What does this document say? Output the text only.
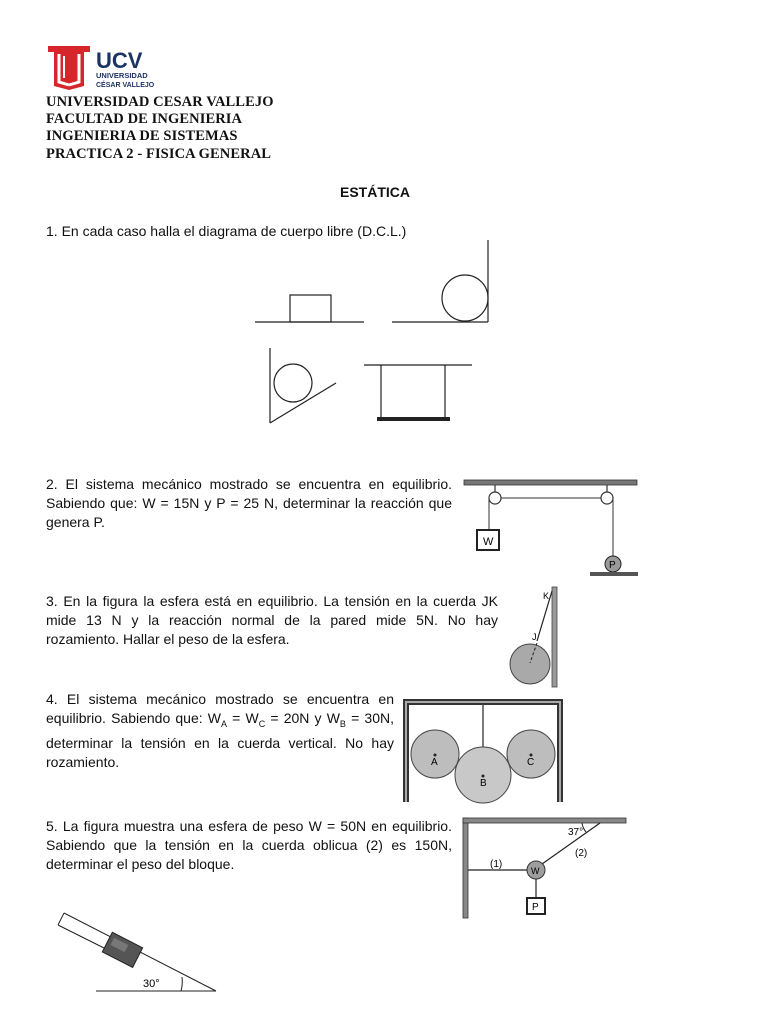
UCV
UNIVERSIDAD
CÉSAR VALLEJO
UNIVERSIDAD CESAR VALLEJO
FACULTAD DE INGENIERIA
INGENIERIA DE SISTEMAS
PRACTICA 2 - FISICA GENERAL
ESTÁTICA
1. En cada caso halla el diagrama de cuerpo libre (D.C.L.)
2. El sistema mecánico mostrado se encuentra en equilibrio. Sabiendo que: W = 15N y P = 25 N, determinar la reacción que genera P.
W
P
3. En la figura la esfera está en equilibrio. La tensión en la cuerda JK mide 13 N y la reacción normal de la pared mide 5N. No hay rozamiento. Hallar el peso de la esfera.
K
J
4. El sistema mecánico mostrado se encuentra en equilibrio. Sabiendo que: $W_A = W_C = 20N$ y $W_B = 30N$, determinar la tensión en la cuerda vertical. No hay rozamiento.	A
B
C
5. La figura muestra una esfera de peso W = 50N en equilibrio. Sabiendo que la tensión en la cuerda oblicua (2) es 150N, determinar el peso del bloque.
37°
(1)
(2)
W
P
30°
